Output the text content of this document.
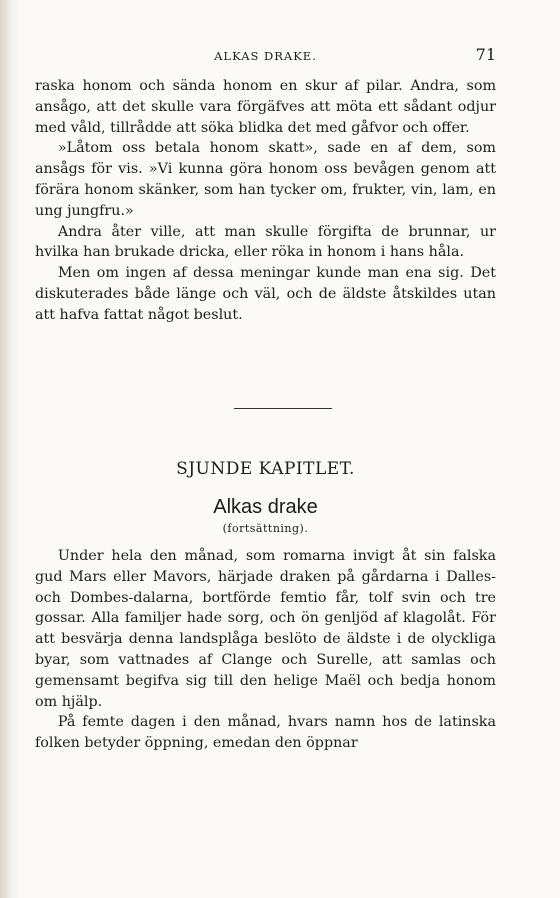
ALKAS DRAKE.	71

raska honom och sända honom en skur af pilar. Andra, som ansågo, att det skulle vara förgäfves att möta ett sådant odjur med våld, tillrådde att söka blidka det med gåfvor och offer.

»Låtom oss betala honom skatt», sade en af dem, som ansågs för vis. »Vi kunna göra honom oss bevågen genom att förära honom skänker, som han tycker om, frukter, vin, lam, en ung jungfru.»

Andra åter ville, att man skulle förgifta de brunnar, ur hvilka han brukade dricka, eller röka in honom i hans håla.

Men om ingen af dessa meningar kunde man ena sig. Det diskuterades både länge och väl, och de äldste åtskildes utan att hafva fattat något beslut.

SJUNDE KAPITLET.
Alkas drake
(fortsättning).

Under hela den månad, som romarna invigt åt sin falska gud Mars eller Mavors, härjade draken på gårdarna i Dalles- och Dombes-dalarna, bortförde femtio får, tolf svin och tre gossar. Alla familjer hade sorg, och ön genljöd af klagolåt. För att besvärja denna landsplåga beslöto de äldste i de olyckliga byar, som vattnades af Clange och Surelle, att samlas och gemensamt begifva sig till den helige Maël och bedja honom om hjälp.

På femte dagen i den månad, hvars namn hos de latinska folken betyder öppning, emedan den öppnar
